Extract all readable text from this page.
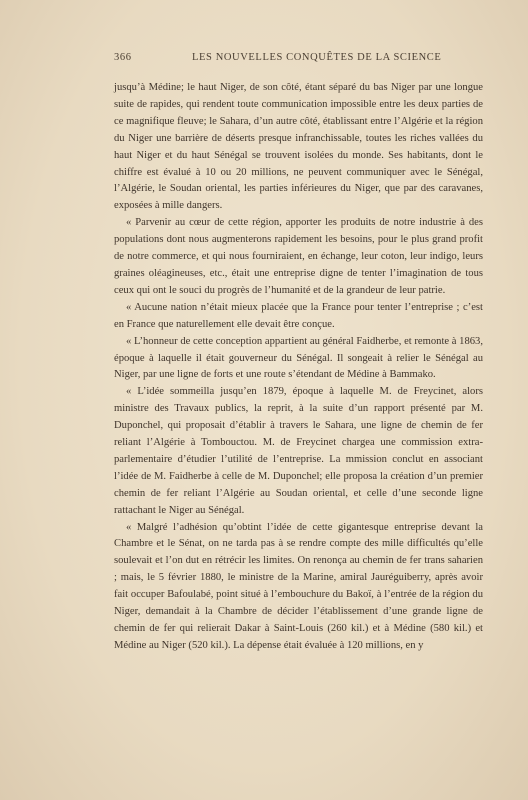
366	LES NOUVELLES CONQUÊTES DE LA SCIENCE

jusqu’à Médine; le haut Niger, de son côté, étant séparé du bas Niger par une longue suite de rapides, qui rendent toute communication impossible entre les deux parties de ce magnifique fleuve; le Sahara, d’un autre côté, établissant entre l’Algérie et la région du Niger une barrière de déserts presque infranchissable, toutes les riches vallées du haut Niger et du haut Sénégal se trouvent isolées du monde. Ses habitants, dont le chiffre est évalué à 10 ou 20 millions, ne peuvent communiquer avec le Sénégal, l’Algérie, le Soudan oriental, les parties inférieures du Niger, que par des caravanes, exposées à mille dangers.

« Parvenir au cœur de cette région, apporter les produits de notre industrie à des populations dont nous augmenterons rapidement les besoins, pour le plus grand profit de notre commerce, et qui nous fourniraient, en échange, leur coton, leur indigo, leurs graines oléagineuses, etc., était une entreprise digne de tenter l’imagination de tous ceux qui ont le souci du progrès de l’humanité et de la grandeur de leur patrie.

« Aucune nation n’était mieux placée que la France pour tenter l’entreprise ; c’est en France que naturellement elle devait être conçue.

« L’honneur de cette conception appartient au général Faidherbe, et remonte à 1863, époque à laquelle il était gouverneur du Sénégal. Il songeait à relier le Sénégal au Niger, par une ligne de forts et une route s’étendant de Médine à Bammako.

« L’idée sommeilla jusqu’en 1879, époque à laquelle M. de Freycinet, alors ministre des Travaux publics, la reprit, à la suite d’un rapport présenté par M. Duponchel, qui proposait d’établir à travers le Sahara, une ligne de chemin de fer reliant l’Algérie à Tombouctou. M. de Freycinet chargea une commission extra-parlementaire d’étudier l’utilité de l’entreprise. La mmission conclut en associant l’idée de M. Faidherbe à celle de M. Duponchel; elle proposa la création d’un premier chemin de fer reliant l’Algérie au Soudan oriental, et celle d’une seconde ligne rattachant le Niger au Sénégal.

« Malgré l’adhésion qu’obtint l’idée de cette gigantesque entreprise devant la Chambre et le Sénat, on ne tarda pas à se rendre compte des mille difficultés qu’elle soulevait et l’on dut en rétrécir les limites. On renonça au chemin de fer trans saharien ; mais, le 5 février 1880, le ministre de la Marine, amiral Jauréguiberry, après avoir fait occuper Bafoulabé, point situé à l’embouchure du Bakoï, à l’entrée de la région du Niger, demandait à la Chambre de décider l’établissement d’une grande ligne de chemin de fer qui relierait Dakar à Saint-Louis (260 kil.) et à Médine (580 kil.) et Médine au Niger (520 kil.). La dépense était évaluée à 120 millions, en y
